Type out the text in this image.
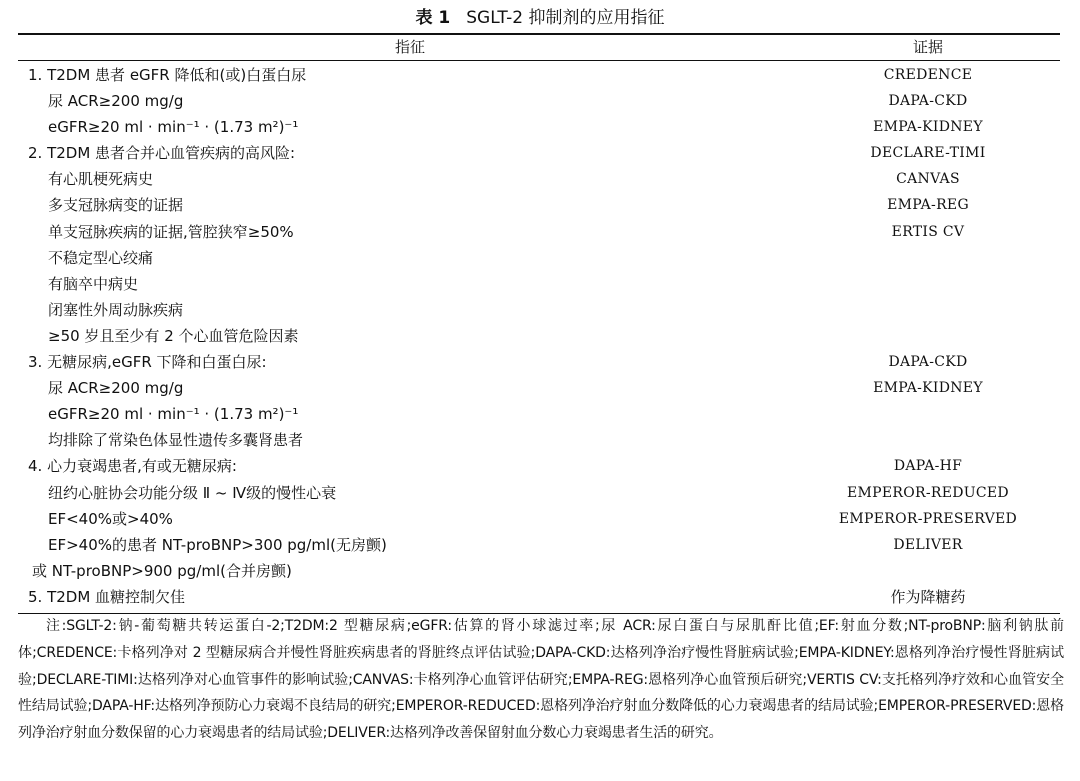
表 1 SGLT-2 抑制剂的应用指征
指征	证据
1. T2DM 患者 eGFR 降低和(或)白蛋白尿	CREDENCE
尿 ACR≥200 mg/g	DAPA-CKD
eGFR≥20 ml · min⁻¹ · (1.73 m²)⁻¹	EMPA-KIDNEY
2. T2DM 患者合并心血管疾病的高风险:	DECLARE-TIMI
有心肌梗死病史	CANVAS
多支冠脉病变的证据	EMPA-REG
单支冠脉疾病的证据,管腔狭窄≥50%	ERTIS CV
不稳定型心绞痛
有脑卒中病史
闭塞性外周动脉疾病
≥50 岁且至少有 2 个心血管危险因素
3. 无糖尿病,eGFR 下降和白蛋白尿:	DAPA-CKD
尿 ACR≥200 mg/g	EMPA-KIDNEY
eGFR≥20 ml · min⁻¹ · (1.73 m²)⁻¹
均排除了常染色体显性遗传多囊肾患者
4. 心力衰竭患者,有或无糖尿病:	DAPA-HF
纽约心脏协会功能分级 Ⅱ ~ Ⅳ级的慢性心衰	EMPEROR-REDUCED
EF<40%或>40%	EMPEROR-PRESERVED
EF>40%的患者 NT-proBNP>300 pg/ml(无房颤)	DELIVER
或 NT-proBNP>900 pg/ml(合并房颤)
5. T2DM 血糖控制欠佳	作为降糖药
注:SGLT-2:钠-葡萄糖共转运蛋白-2;T2DM:2 型糖尿病;eGFR:估算的肾小球滤过率;尿 ACR:尿白蛋白与尿肌酐比值;EF:射血分数;NT-proBNP:脑利钠肽前体;CREDENCE:卡格列净对 2 型糖尿病合并慢性肾脏疾病患者的肾脏终点评估试验;DAPA-CKD:达格列净治疗慢性肾脏病试验;EMPA-KIDNEY:恩格列净治疗慢性肾脏病试验;DECLARE-TIMI:达格列净对心血管事件的影响试验;CANVAS:卡格列净心血管评估研究;EMPA-REG:恩格列净心血管预后研究;VERTIS CV:支托格列净疗效和心血管安全性结局试验;DAPA-HF:达格列净预防心力衰竭不良结局的研究;EMPEROR-REDUCED:恩格列净治疗射血分数降低的心力衰竭患者的结局试验;EMPEROR-PRESERVED:恩格列净治疗射血分数保留的心力衰竭患者的结局试验;DELIVER:达格列净改善保留射血分数心力衰竭患者生活的研究。
